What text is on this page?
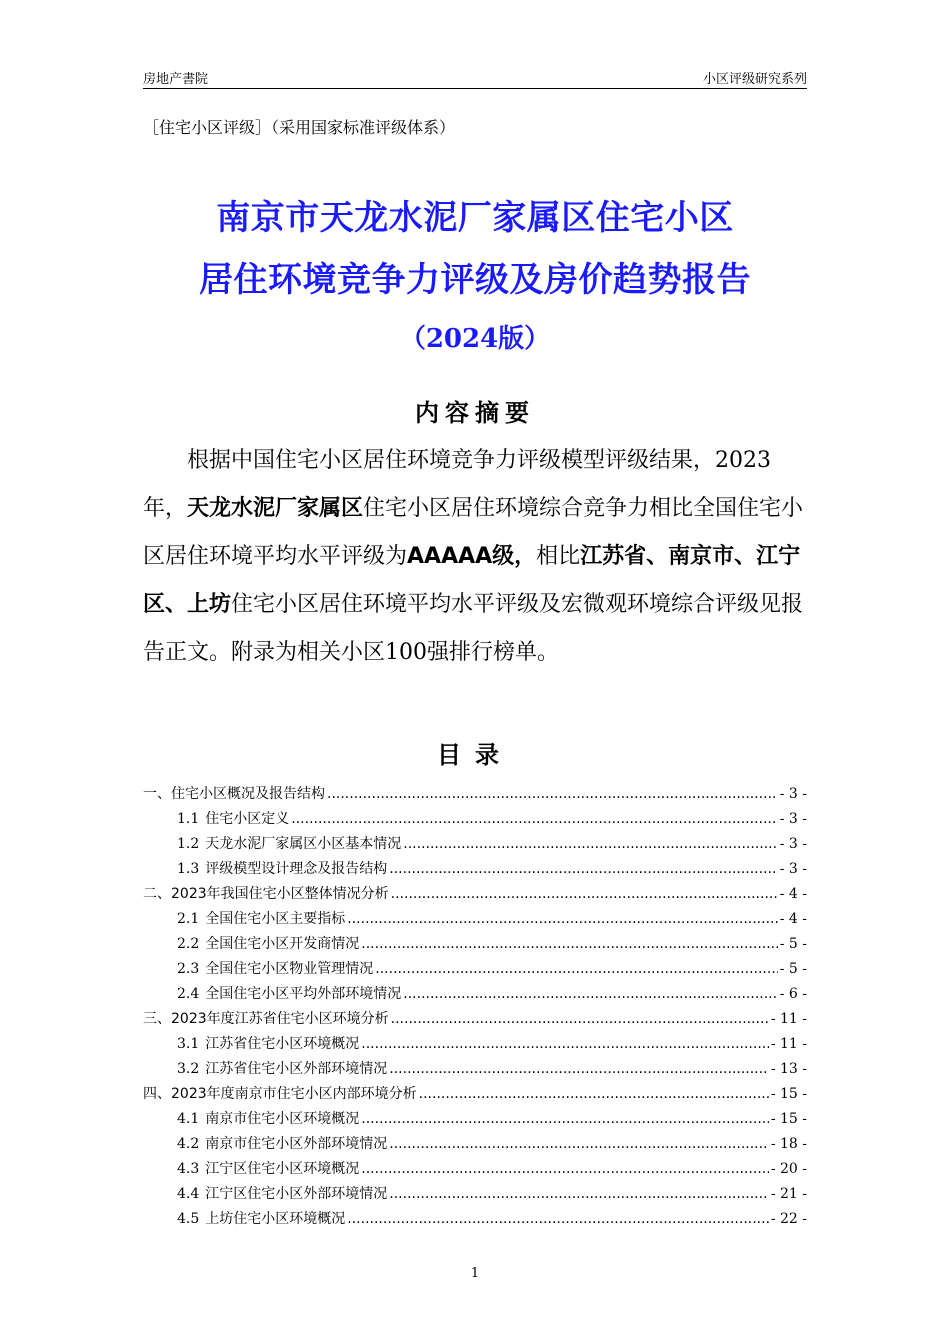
房地产書院	小区评级研究系列
［住宅小区评级］（采用国家标准评级体系）
南京市天龙水泥厂家属区住宅小区
居住环境竞争力评级及房价趋势报告
（2024版）
内容摘要
根据中国住宅小区居住环境竞争力评级模型评级结果，2023年，天龙水泥厂家属区住宅小区居住环境综合竞争力相比全国住宅小区居住环境平均水平评级为AAAAA级，相比江苏省、南京市、江宁区、上坊住宅小区居住环境平均水平评级及宏微观环境综合评级见报告正文。附录为相关小区100强排行榜单。
目录
一、住宅小区概况及报告结构 .....	- 3 -
1.1 住宅小区定义 .....	- 3 -
1.2 天龙水泥厂家属区小区基本情况 .....	- 3 -
1.3 评级模型设计理念及报告结构 .....	- 3 -
二、2023年我国住宅小区整体情况分析 .....	- 4 -
2.1 全国住宅小区主要指标 .....	- 4 -
2.2 全国住宅小区开发商情况 .....	- 5 -
2.3 全国住宅小区物业管理情况 .....	- 5 -
2.4 全国住宅小区平均外部环境情况 .....	- 6 -
三、2023年度江苏省住宅小区环境分析 .....	- 11 -
3.1 江苏省住宅小区环境概况 .....	- 11 -
3.2 江苏省住宅小区外部环境情况 .....	- 13 -
四、2023年度南京市住宅小区内部环境分析 .....	- 15 -
4.1 南京市住宅小区环境概况 .....	- 15 -
4.2 南京市住宅小区外部环境情况 .....	- 18 -
4.3 江宁区住宅小区环境概况 .....	- 20 -
4.4 江宁区住宅小区外部环境情况 .....	- 21 -
4.5 上坊住宅小区环境概况 .....	- 22 -
1
